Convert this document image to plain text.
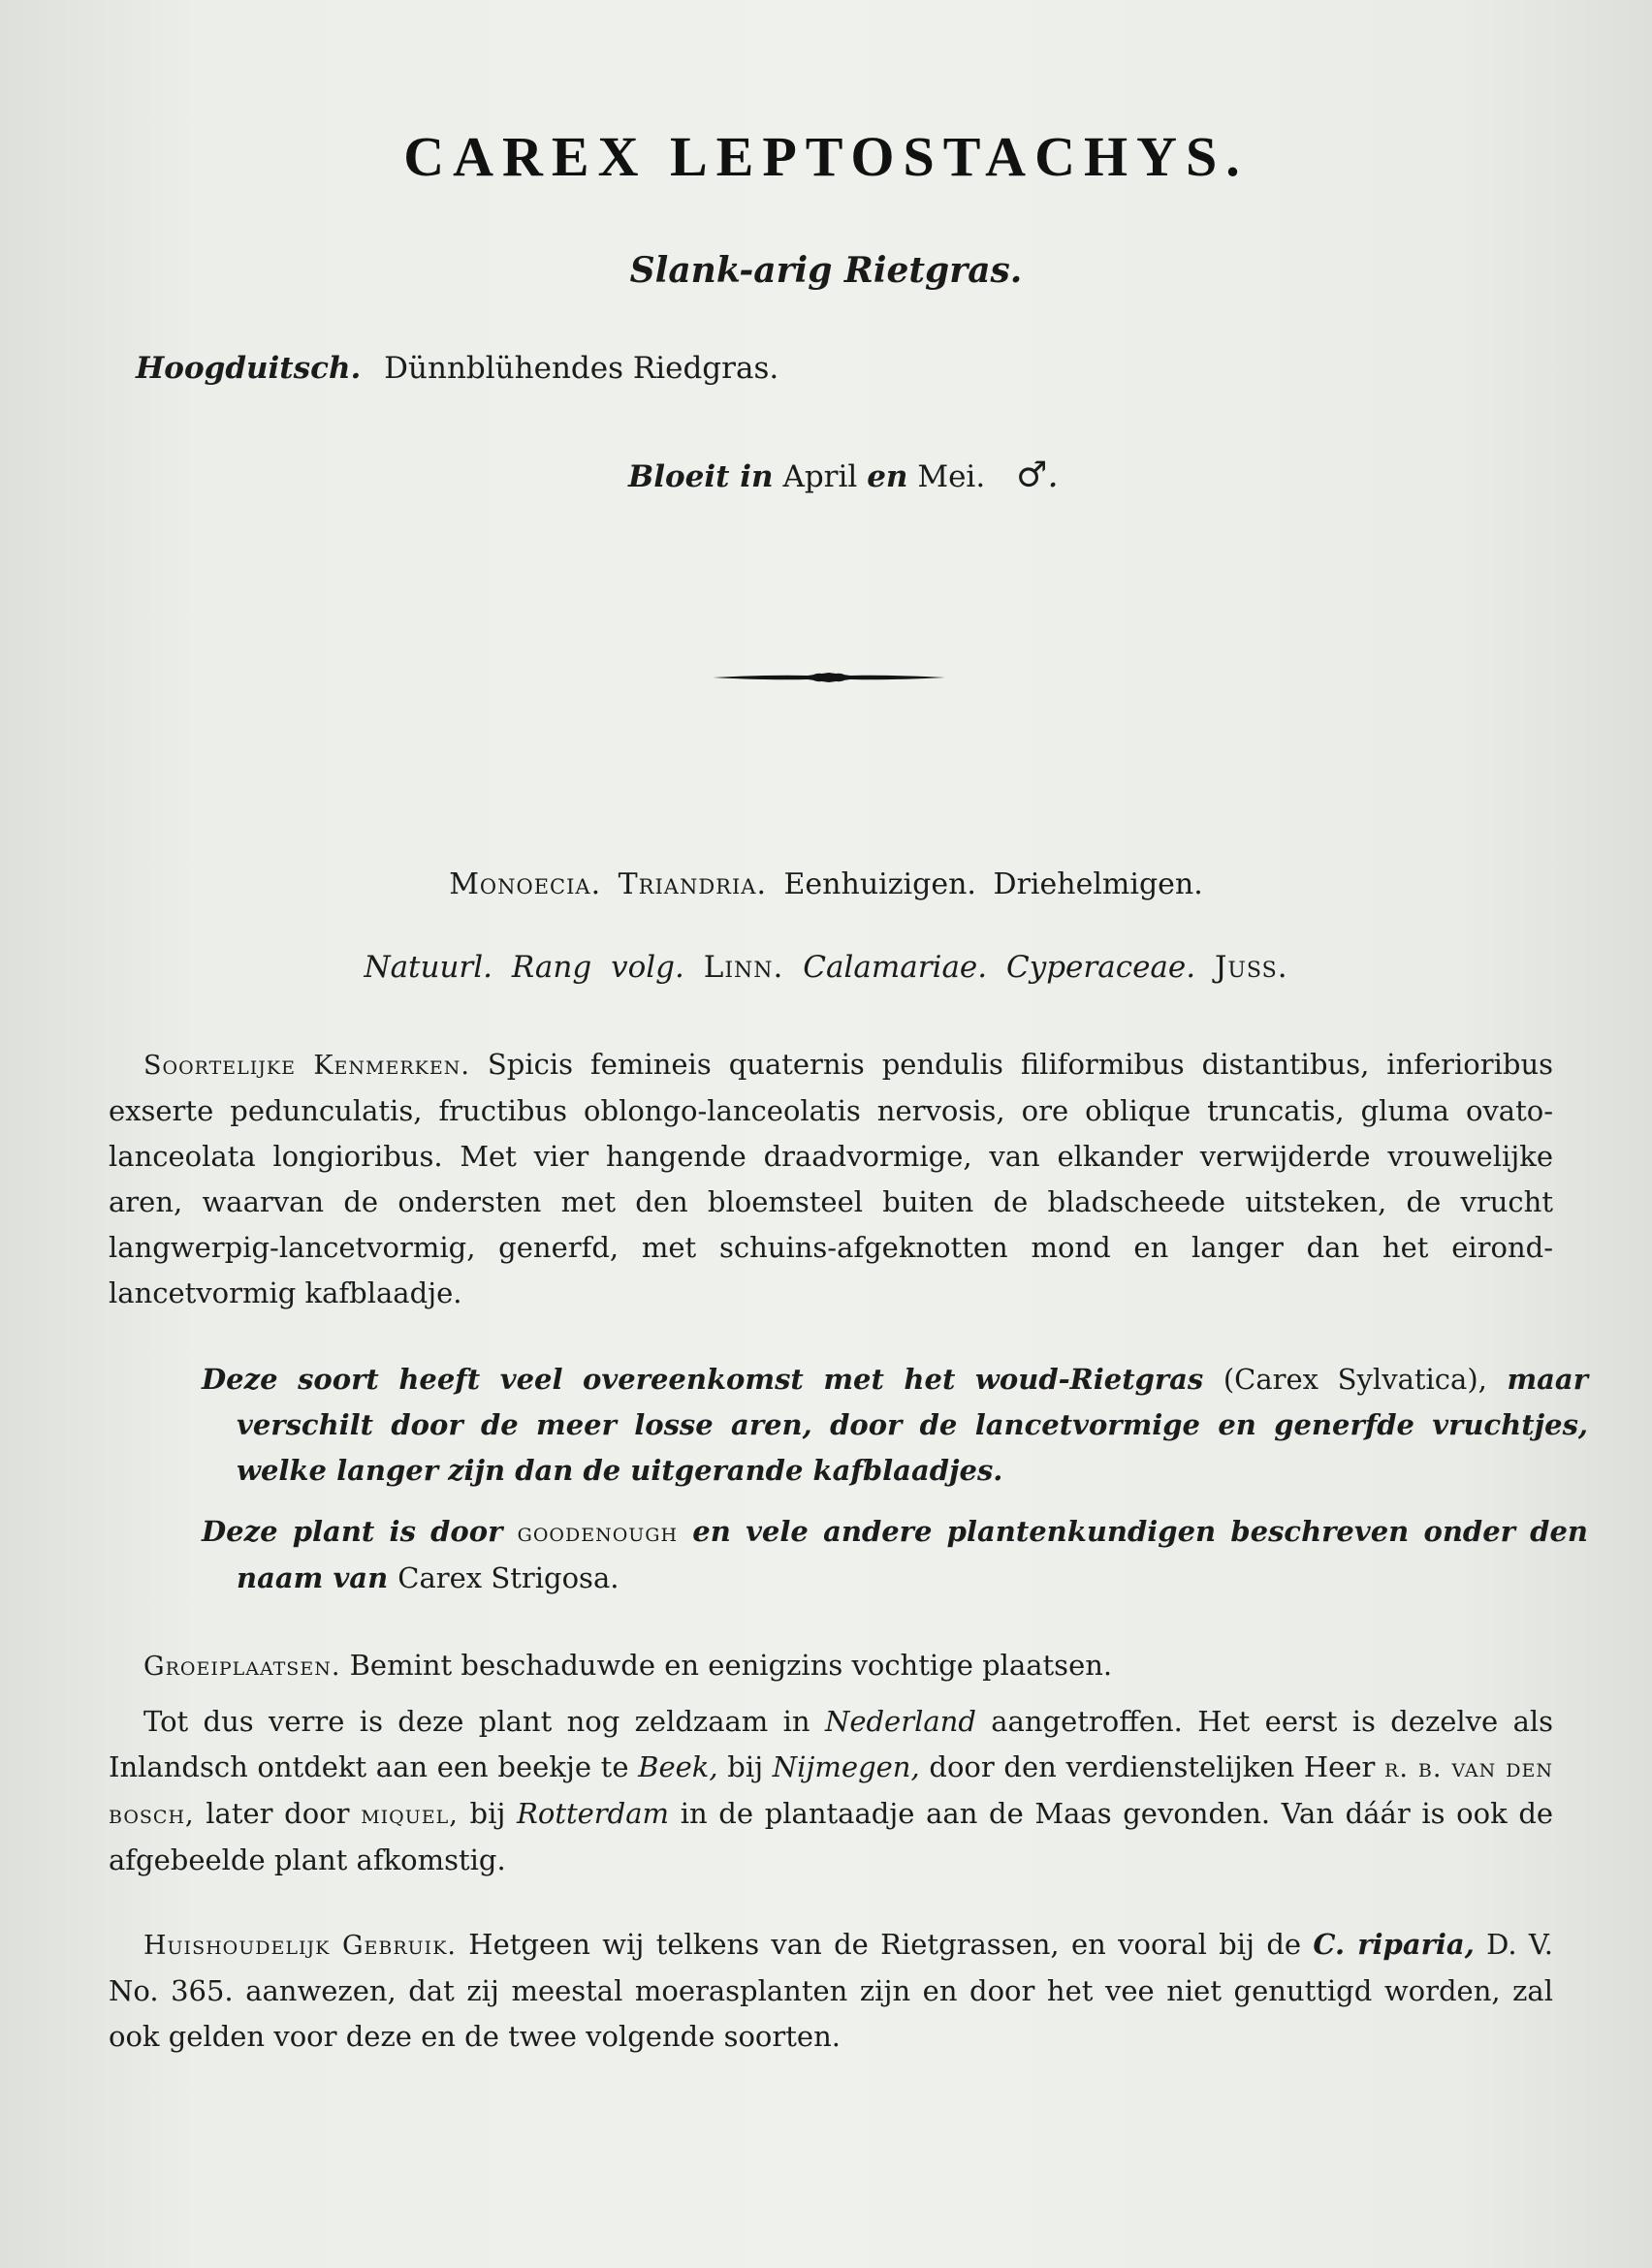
CAREX LEPTOSTACHYS.
Slank-arig Rietgras.
Hoogduitsch. Dünnblühendes Riedgras.
Bloeit in April en Mei. ♂.
Monoecia. Triandria. Eenhuizigen. Driehelmigen.
Natuurl. Rang volg. Linn. Calamariae. Cyperaceae. Juss.
Soortelijke Kenmerken. Spicis femineis quaternis pendulis filiformibus distantibus, inferioribus exserte pedunculatis, fructibus oblongo-lanceolatis nervosis, ore oblique truncatis, gluma ovato-lanceolata longioribus. Met vier hangende draadvormige, van elkander verwijderde vrouwelijke aren, waarvan de ondersten met den bloemsteel buiten de bladscheede uitsteken, de vrucht langwerpig-lancetvormig, generfd, met schuins-afgeknotten mond en langer dan het eirond-lancetvormig kafblaadje.
Deze soort heeft veel overeenkomst met het woud-Rietgras (Carex Sylvatica), maar verschilt door de meer losse aren, door de lancetvormige en generfde vruchtjes, welke langer zijn dan de uitgerande kafblaadjes.
Deze plant is door goodenough en vele andere plantenkundigen beschreven onder den naam van Carex Strigosa.
Groeiplaatsen. Bemint beschaduwde en eenigzins vochtige plaatsen.
Tot dus verre is deze plant nog zeldzaam in Nederland aangetroffen. Het eerst is dezelve als Inlandsch ontdekt aan een beekje te Beek, bij Nijmegen, door den verdienstelijken Heer r. b. van den bosch, later door miquel, bij Rotterdam in de plantaadje aan de Maas gevonden. Van dáár is ook de afgebeelde plant afkomstig.
Huishoudelijk Gebruik. Hetgeen wij telkens van de Rietgrassen, en vooral bij de C. riparia, D. V. No. 365. aanwezen, dat zij meestal moerasplanten zijn en door het vee niet genuttigd worden, zal ook gelden voor deze en de twee volgende soorten.
